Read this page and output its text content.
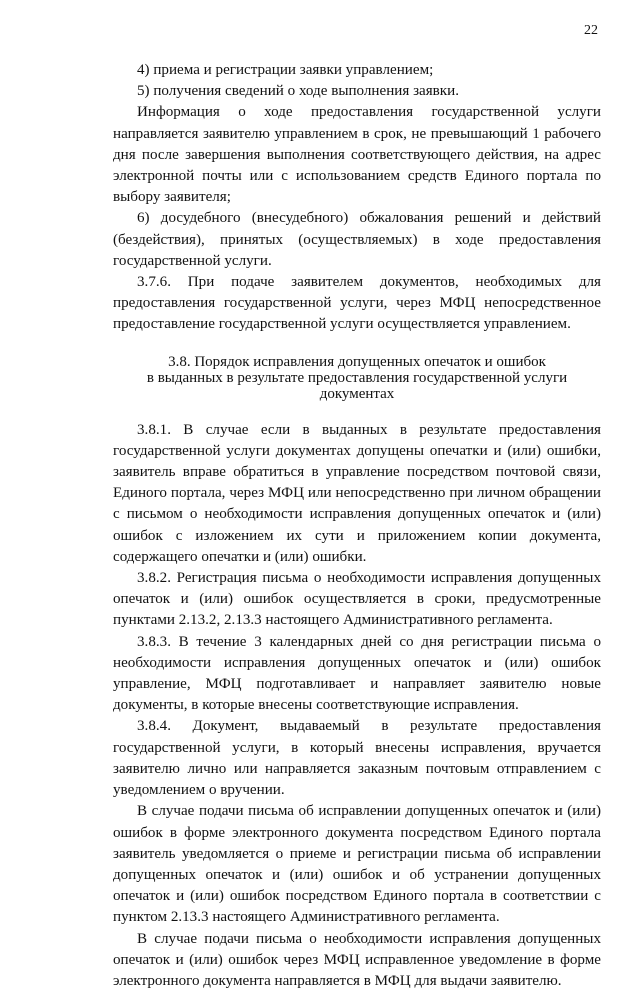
22

4) приема и регистрации заявки управлением;

5) получения сведений о ходе выполнения заявки.

Информация о ходе предоставления государственной услуги направляется заявителю управлением в срок, не превышающий 1 рабочего дня после завершения выполнения соответствующего действия, на адрес электронной почты или с использованием средств Единого портала по выбору заявителя;

6) досудебного (внесудебного) обжалования решений и действий (бездействия), принятых (осуществляемых) в ходе предоставления государственной услуги.

3.7.6. При подаче заявителем документов, необходимых для предоставления государственной услуги, через МФЦ непосредственное предоставление государственной услуги осуществляется управлением.

3.8. Порядок исправления допущенных опечаток и ошибок
в выданных в результате предоставления государственной услуги
документах

3.8.1. В случае если в выданных в результате предоставления государственной услуги документах допущены опечатки и (или) ошибки, заявитель вправе обратиться в управление посредством почтовой связи, Единого портала, через МФЦ или непосредственно при личном обращении с письмом о необходимости исправления допущенных опечаток и (или) ошибок с изложением их сути и приложением копии документа, содержащего опечатки и (или) ошибки.

3.8.2. Регистрация письма о необходимости исправления допущенных опечаток и (или) ошибок осуществляется в сроки, предусмотренные пунктами 2.13.2, 2.13.3 настоящего Административного регламента.

3.8.3. В течение 3 календарных дней со дня регистрации письма о необходимости исправления допущенных опечаток и (или) ошибок управление, МФЦ подготавливает и направляет заявителю новые документы, в которые внесены соответствующие исправления.

3.8.4. Документ, выдаваемый в результате предоставления государственной услуги, в который внесены исправления, вручается заявителю лично или направляется заказным почтовым отправлением с уведомлением о вручении.

В случае подачи письма об исправлении допущенных опечаток и (или) ошибок в форме электронного документа посредством Единого портала заявитель уведомляется о приеме и регистрации письма об исправлении допущенных опечаток и (или) ошибок и об устранении допущенных опечаток и (или) ошибок посредством Единого портала в соответствии с пунктом 2.13.3 настоящего Административного регламента.

В случае подачи письма о необходимости исправления допущенных опечаток и (или) ошибок через МФЦ исправленное уведомление в форме электронного документа направляется в МФЦ для выдачи заявителю.
